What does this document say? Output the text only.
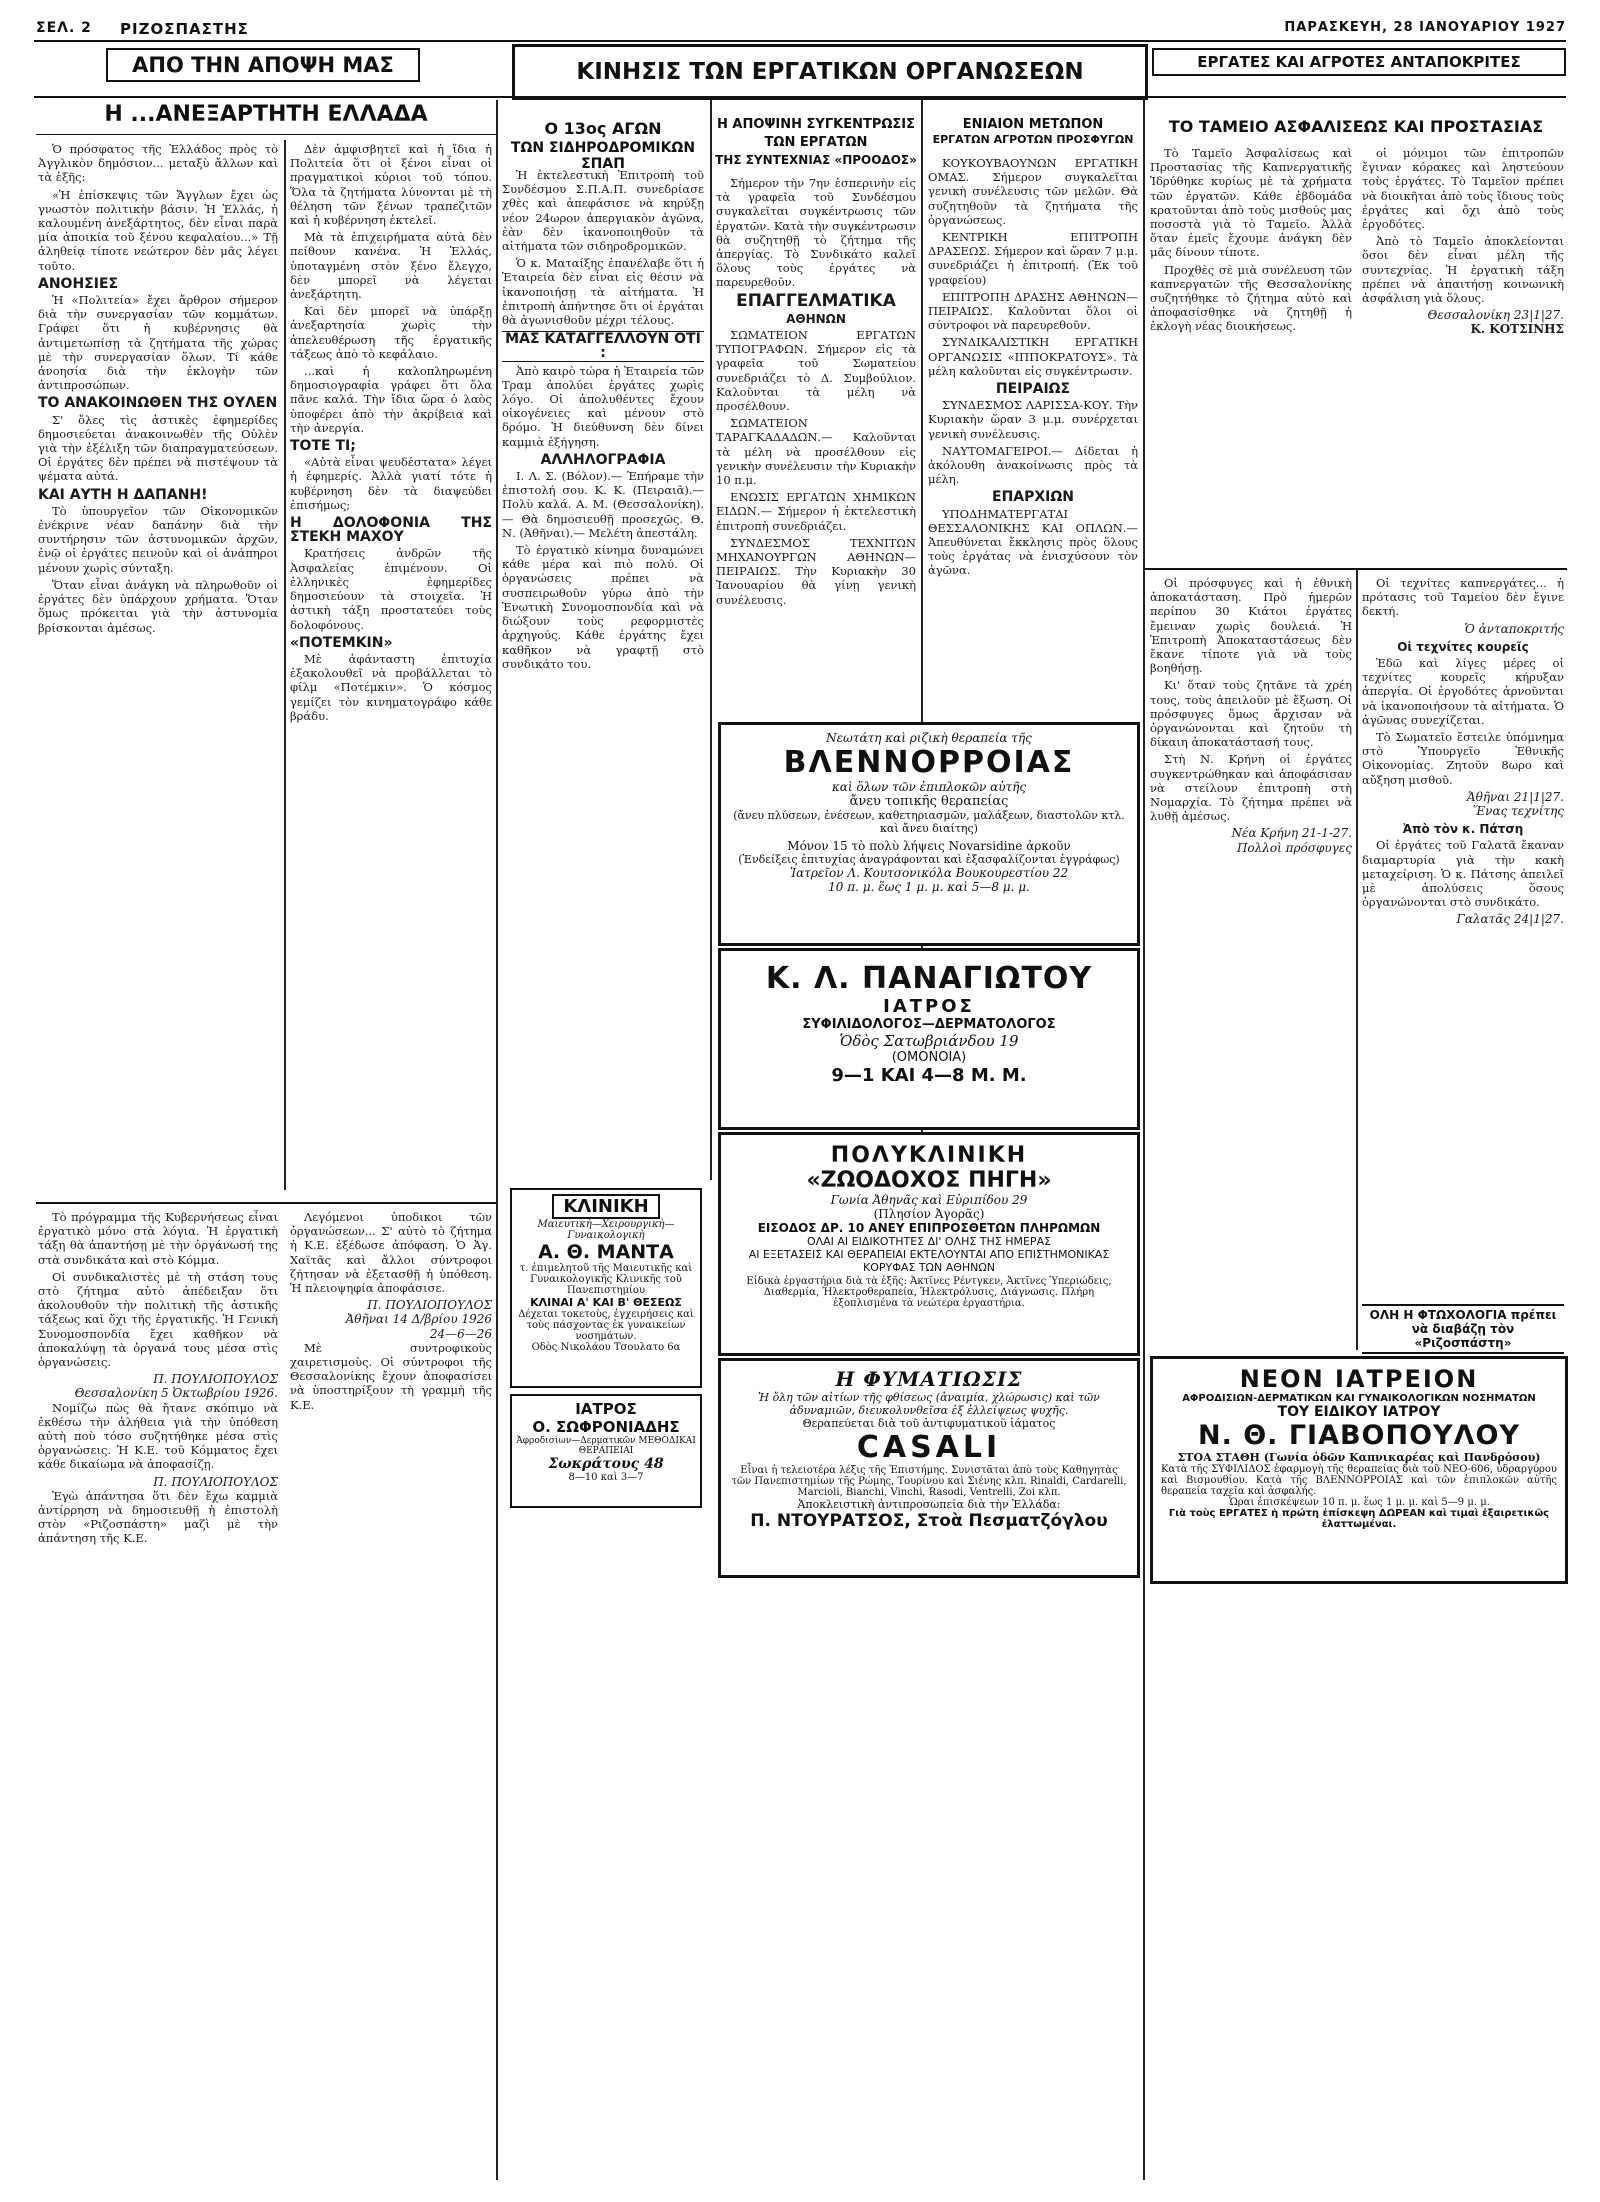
ΣΕΛ. 2 ΡΙΖΟΣΠΑΣΤΗΣ	ΠΑΡΑΣΚΕΥΗ, 28 ΙΑΝΟΥΑΡΙΟΥ 1927
ΑΠΟ ΤΗΝ ΑΠΟΨΗ ΜΑΣ	ΚΙΝΗΣΙΣ ΤΩΝ ΕΡΓΑΤΙΚΩΝ ΟΡΓΑΝΩΣΕΩΝ	ΕΡΓΑΤΕΣ ΚΑΙ ΑΓΡΟΤΕΣ ΑΝΤΑΠΟΚΡΙΤΕΣ
Η ...ΑΝΕΞΑΡΤΗΤΗ ΕΛΛΑΔΑ

Ὁ πρόσφατος τῆς Ἑλλάδος πρὸς τὸ Ἀγγλικὸν δημόσιον... μεταξὺ ἄλλων καὶ τὰ ἑξῆς:

«Ἡ ἐπίσκεψις τῶν Ἄγγλων ἔχει ὡς γνωστὸν πολιτικὴν βάσιν. Ἡ Ἑλλάς, ἡ καλουμένη ἀνεξάρτητος, δὲν εἶναι παρὰ μία ἀποικία τοῦ ξένου κεφαλαίου...» Τῇ ἀληθείᾳ τίποτε νεώτερον δὲν μᾶς λέγει τοῦτο.

ΑΝΟΗΣΙΕΣ

Ἡ «Πολιτεία» ἔχει ἄρθρον σήμερον διὰ τὴν συνεργασίαν τῶν κομμάτων. Γράφει ὅτι ἡ κυβέρνησις θὰ ἀντιμετωπίσῃ τὰ ζητήματα τῆς χώρας μὲ τὴν συνεργασίαν ὅλων. Τί κάθε ἀνοησία διὰ τὴν ἐκλογὴν τῶν ἀντιπροσώπων.

ΤΟ ΑΝΑΚΟΙΝΩΘΕΝ ΤΗΣ ΟΥΛΕΝ

Σ' ὅλες τὶς ἀστικὲς ἐφημερίδες δημοσιεύεται ἀνακοινωθὲν τῆς Οὐλὲν γιὰ τὴν ἐξέλιξη τῶν διαπραγματεύσεων. Οἱ ἐργάτες δὲν πρέπει νὰ πιστέψουν τὰ ψέματα αὐτά.

ΚΑΙ ΑΥΤΗ Η ΔΑΠΑΝΗ!

Τὸ ὑπουργεῖον τῶν Οἰκονομικῶν ἐνέκρινε νέαν δαπάνην διὰ τὴν συντήρησιν τῶν ἀστυνομικῶν ἀρχῶν, ἐνῷ οἱ ἐργάτες πεινοῦν καὶ οἱ ἀνάπηροι μένουν χωρὶς σύνταξη.

Ὅταν εἶναι ἀνάγκη νὰ πληρωθοῦν οἱ ἐργάτες δὲν ὑπάρχουν χρήματα. Ὅταν ὅμως πρόκειται γιὰ τὴν ἀστυνομία βρίσκονται ἀμέσως.

Δὲν ἀμφισβητεῖ καὶ ἡ ἴδια ἡ Πολιτεία ὅτι οἱ ξένοι εἶναι οἱ πραγματικοὶ κύριοι τοῦ τόπου. Ὅλα τὰ ζητήματα λύνονται μὲ τὴ θέληση τῶν ξένων τραπεζιτῶν καὶ ἡ κυβέρνηση ἐκτελεῖ.

Μὰ τὰ ἐπιχειρήματα αὐτὰ δὲν πείθουν κανένα. Ἡ Ἑλλάς, ὑποταγμένη στὸν ξένο ἔλεγχο, δὲν μπορεῖ νὰ λέγεται ἀνεξάρτητη.

Καὶ δὲν μπορεῖ νὰ ὑπάρξῃ ἀνεξαρτησία χωρὶς τὴν ἀπελευθέρωση τῆς ἐργατικῆς τάξεως ἀπὸ τὸ κεφάλαιο.

...καὶ ἡ καλοπληρωμένη δημοσιογραφία γράφει ὅτι ὅλα πᾶνε καλά. Τὴν ἴδια ὥρα ὁ λαὸς ὑποφέρει ἀπὸ τὴν ἀκρίβεια καὶ τὴν ἀνεργία.

ΤΟΤΕ ΤΙ;

«Αὐτὰ εἶναι ψευδέστατα» λέγει ἡ ἐφημερίς. Ἀλλὰ γιατί τότε ἡ κυβέρνηση δὲν τὰ διαψεύδει ἐπισήμως;

Η ΔΟΛΟΦΟΝΙΑ ΤΗΣ ΣΤΕΚΗ ΜΑΧΟΥ

Κρατήσεις ἀνδρῶν τῆς Ἀσφαλείας ἐπιμένουν. Οἱ ἐλληνικὲς ἐφημερίδες δημοσιεύουν τὰ στοιχεῖα. Ἡ ἀστικὴ τάξη προστατεύει τοὺς δολοφόνους.

«ΠΟΤΕΜΚΙΝ»

Μὲ ἀφάνταστη ἐπιτυχία ἐξακολουθεῖ νὰ προβάλλεται τὸ φίλμ «Ποτέμκιν». Ὁ κόσμος γεμίζει τὸν κινηματογράφο κάθε βράδυ.

Τὸ πρόγραμμα τῆς Κυβερνήσεως εἶναι ἐργατικὸ μόνο στὰ λόγια. Ἡ ἐργατικὴ τάξη θὰ ἀπαντήσῃ μὲ τὴν ὀργάνωσή της στὰ συνδικάτα καὶ στὸ Κόμμα.

Οἱ συνδικαλιστὲς μὲ τὴ στάση τους στὸ ζήτημα αὐτὸ ἀπέδειξαν ὅτι ἀκολουθοῦν τὴν πολιτικὴ τῆς ἀστικῆς τάξεως καὶ ὄχι τῆς ἐργατικῆς. Ἡ Γενικὴ Συνομοσπονδία ἔχει καθῆκον νὰ ἀποκαλύψῃ τὰ ὀργανά τους μέσα στὶς ὀργανώσεις.

Π. ΠΟΥΛΙΟΠΟΥΛΟΣ
Θεσσαλονίκη 5 Ὀκτωβρίου 1926.

Νομίζω πὼς θὰ ἤτανε σκόπιμο νὰ ἐκθέσω τὴν ἀλήθεια γιὰ τὴν ὑπόθεση αὐτὴ ποὺ τόσο συζητήθηκε μέσα στὶς ὀργανώσεις. Ἡ Κ.Ε. τοῦ Κόμματος ἔχει κάθε δικαίωμα νὰ ἀποφασίζῃ.

Π. ΠΟΥΛΙΟΠΟΥΛΟΣ

Ἐγὼ ἀπάντησα ὅτι δὲν ἔχω καμμιὰ ἀντίρρηση νὰ δημοσιευθῇ ἡ ἐπιστολὴ στὸν «Ριζοσπάστη» μαζὶ μὲ τὴν ἀπάντηση τῆς Κ.Ε.

Λεγόμενοι ὑποδικοι τῶν ὀργανώσεων... Σ' αὐτὸ τὸ ζήτημα ἡ Κ.Ε. ἐξέδωσε ἀπόφαση. Ὁ Ἀγ. Χαϊτᾶς καὶ ἄλλοι σύντροφοι ζήτησαν νὰ ἐξετασθῇ ἡ ὑπόθεση. Ἡ πλειοψηφία ἀποφάσισε.

Π. ΠΟΥΛΙΟΠΟΥΛΟΣ
Ἀθῆναι 14 Δ/βρίου 1926
24—6—26

Μὲ συντροφικοὺς χαιρετισμοὺς. Οἱ σύντροφοι τῆς Θεσσαλονίκης ἔχουν ἀποφασίσει νὰ ὑποστηρίξουν τὴ γραμμὴ τῆς Κ.Ε.

Ο 13ος ΑΓΩΝ
ΤΩΝ ΣΙΔΗΡΟΔΡΟΜΙΚΩΝ ΣΠΑΠ

Ἡ ἐκτελεστικὴ Ἐπιτροπὴ τοῦ Συνδέσμου Σ.Π.Α.Π. συνεδρίασε χθὲς καὶ ἀπεφάσισε νὰ κηρύξῃ νέον 24ωρον ἀπεργιακὸν ἀγῶνα, ἐὰν δὲν ἱκανοποιηθοῦν τὰ αἰτήματα τῶν σιδηροδρομικῶν.

Ὁ κ. Ματαίξης ἐπανέλαβε ὅτι ἡ Ἑταιρεία δὲν εἶναι εἰς θέσιν νὰ ἱκανοποιήσῃ τὰ αἰτήματα. Ἡ ἐπιτροπὴ ἀπήντησε ὅτι οἱ ἐργάται θὰ ἀγωνισθοῦν μέχρι τέλους.

ΜΑΣ ΚΑΤΑΓΓΕΛΛΟΥΝ ΟΤΙ :

Ἀπὸ καιρὸ τώρα ἡ Ἑταιρεία τῶν Τραμ ἀπολύει ἐργάτες χωρὶς λόγο. Οἱ ἀπολυθέντες ἔχουν οἰκογένειες καὶ μένουν στὸ δρόμο. Ἡ διεύθυνση δὲν δίνει καμμιὰ ἐξήγηση.

ΑΛΛΗΛΟΓΡΑΦΙΑ

Ι. Λ. Σ. (Βόλον).— Ἐπήραμε τὴν ἐπιστολή σου. Κ. Κ. (Πειραιᾶ).— Πολὺ καλά. Α. Μ. (Θεσσαλονίκη).— Θὰ δημοσιευθῇ προσεχῶς. Θ. Ν. (Ἀθῆναι).— Μελέτη ἀπεστάλη.

Τὸ ἐργατικὸ κίνημα δυναμώνει κάθε μέρα καὶ πιὸ πολύ. Οἱ ὀργανώσεις πρέπει νὰ συσπειρωθοῦν γύρω ἀπὸ τὴν Ἑνωτικὴ Συνομοσπονδία καὶ νὰ διώξουν τοὺς ρεφορμιστὲς ἀρχηγούς. Κάθε ἐργάτης ἔχει καθῆκον νὰ γραφτῇ στὸ συνδικάτο του.

Η ΑΠΟΨΙΝΗ ΣΥΓΚΕΝΤΡΩΣΙΣ
ΤΩΝ ΕΡΓΑΤΩΝ
ΤΗΣ ΣΥΝΤΕΧΝΙΑΣ «ΠΡΟΟΔΟΣ»

Σήμερον τὴν 7ην ἑσπερινὴν εἰς τὰ γραφεῖα τοῦ Συνδέσμου συγκαλεῖται συγκέντρωσις τῶν ἐργατῶν. Κατὰ τὴν συγκέντρωσιν θὰ συζητηθῇ τὸ ζήτημα τῆς ἀπεργίας. Τὸ Συνδικάτο καλεῖ ὅλους τοὺς ἐργάτες νὰ παρευρεθοῦν.

ΕΠΑΓΓΕΛΜΑΤΙΚΑ
ΑΘΗΝΩΝ

ΣΩΜΑΤΕΙΟΝ ΕΡΓΑΤΩΝ ΤΥΠΟΓΡΑΦΩΝ. Σήμερον εἰς τὰ γραφεῖα τοῦ Σωματείου συνεδριάζει τὸ Δ. Συμβούλιον. Καλοῦνται τὰ μέλη νὰ προσέλθουν.

ΣΩΜΑΤΕΙΟΝ ΤΑΡΑΓΚΑΔΑΔΩΝ.— Καλοῦνται τὰ μέλη νὰ προσέλθουν εἰς γενικὴν συνέλευσιν τὴν Κυριακὴν 10 π.μ.

ΕΝΩΣΙΣ ΕΡΓΑΤΩΝ ΧΗΜΙΚΩΝ ΕΙΔΩΝ.— Σήμερον ἡ ἐκτελεστικὴ ἐπιτροπὴ συνεδριάζει.

ΣΥΝΔΕΣΜΟΣ ΤΕΧΝΙΤΩΝ ΜΗΧΑΝΟΥΡΓΩΝ ΑΘΗΝΩΝ—ΠΕΙΡΑΙΩΣ. Τὴν Κυριακὴν 30 Ἰανουαρίου θὰ γίνῃ γενικὴ συνέλευσις.

ΕΝΙΑΙΟΝ ΜΕΤΩΠΟΝ
ΕΡΓΑΤΩΝ ΑΓΡΟΤΩΝ ΠΡΟΣΦΥΓΩΝ

ΚΟΥΚΟΥΒΑΟΥΝΩΝ ΕΡΓΑΤΙΚΗ ΟΜΑΣ. Σήμερον συγκαλεῖται γενικὴ συνέλευσις τῶν μελῶν. Θὰ συζητηθοῦν τὰ ζητήματα τῆς ὀργανώσεως.

ΚΕΝΤΡΙΚΗ ΕΠΙΤΡΟΠΗ ΔΡΑΣΕΩΣ. Σήμερον καὶ ὥραν 7 μ.μ. συνεδριάζει ἡ ἐπιτροπή. (Ἐκ τοῦ γραφείου)

ΕΠΙΤΡΟΠΗ ΔΡΑΣΗΣ ΑΘΗΝΩΝ—ΠΕΙΡΑΙΩΣ. Καλοῦνται ὅλοι οἱ σύντροφοι νὰ παρευρεθοῦν.

ΣΥΝΔΙΚΑΛΙΣΤΙΚΗ ΕΡΓΑΤΙΚΗ ΟΡΓΑΝΩΣΙΣ «ΙΠΠΟΚΡΑΤΟΥΣ». Τὰ μέλη καλοῦνται εἰς συγκέντρωσιν.

ΠΕΙΡΑΙΩΣ

ΣΥΝΔΕΣΜΟΣ ΛΑΡΙΣΣΑ-ΚΟΥ. Τὴν Κυριακὴν ὥραν 3 μ.μ. συνέρχεται γενικὴ συνέλευσις.

ΝΑΥΤΟΜΑΓΕΙΡΟΙ.— Δίδεται ἡ ἀκόλουθη ἀνακοίνωσις πρὸς τὰ μέλη.

ΕΠΑΡΧΙΩΝ

ΥΠΟΔΗΜΑΤΕΡΓΑΤΑΙ ΘΕΣΣΑΛΟΝΙΚΗΣ ΚΑΙ ΟΠΛΩΝ.— Ἀπευθύνεται ἔκκλησις πρὸς ὅλους τοὺς ἐργάτας νὰ ἐνισχύσουν τὸν ἀγῶνα.

Νεωτάτη καὶ ριζικὴ θεραπεία τῆς
ΒΛΕΝΝΟΡΡΟΙΑΣ
καὶ ὅλων τῶν ἐπιπλοκῶν αὐτῆς
ἄνευ τοπικῆς θεραπείας
(ἄνευ πλύσεων, ἐνέσεων, καθετηριασμῶν, μαλάξεων, διαστολῶν κτλ. καὶ ἄνευ διαίτης)
Μόνον 15 τὸ πολὺ λήψεις Novarsidine ἀρκοῦν
(Ἐνδείξεις ἐπιτυχίας ἀναγράφονται καὶ ἐξασφαλίζονται ἐγγράφως)
Ἰατρεῖον Λ. Κουτσονικόλα Βουκουρεστίου 22
10 π. μ. ἕως 1 μ. μ. καὶ 5—8 μ. μ.
Κ. Λ. ΠΑΝΑΓΙΩΤΟΥ
ΙΑΤΡΟΣ
ΣΥΦΙΛΙΔΟΛΟΓΟΣ—ΔΕΡΜΑΤΟΛΟΓΟΣ
Ὁδὸς Σατωβριάνδου 19
(ΟΜΟΝΟΙΑ)
9—1 ΚΑΙ 4—8 Μ. Μ.
ΠΟΛΥΚΛΙΝΙΚΗ
«ΖΩΟΔΟΧΟΣ ΠΗΓΗ»
Γωνία Ἀθηνᾶς καὶ Εὐριπίδου 29
(Πλησίον Ἀγορᾶς)
ΕΙΣΟΔΟΣ ΔΡ. 10 ΑΝΕΥ ΕΠΙΠΡΟΣΘΕΤΩΝ ΠΛΗΡΩΜΩΝ
ΟΛΑΙ ΑΙ ΕΙΔΙΚΟΤΗΤΕΣ ΔΙ' ΟΛΗΣ ΤΗΣ ΗΜΕΡΑΣ
ΑΙ ΕΞΕΤΑΣΕΙΣ ΚΑΙ ΘΕΡΑΠΕΙΑΙ ΕΚΤΕΛΟΥΝΤΑΙ ΑΠΟ ΕΠΙΣΤΗΜΟΝΙΚΑΣ ΚΟΡΥΦΑΣ ΤΩΝ ΑΘΗΝΩΝ
Εἰδικὰ ἐργαστήρια διὰ τὰ ἐξῆς: Ἀκτῖνες Ρέντγκεν, Ἀκτῖνες Ὑπεριώδεις, Διαθερμία, Ἠλεκτροθεραπεία, Ἠλεκτρόλυσις, Διάγνωσις. Πλήρη ἐξοπλισμένα τὰ νεώτερα ἐργαστήρια.
Η ΦΥΜΑΤΙΩΣΙΣ
Ἡ ὅλη τῶν αἰτίων τῆς φθίσεως (ἀναιμία, χλώρωσις) καὶ τῶν ἀδυναμιῶν, διευκολυνθεῖσα ἐξ ἐλλείψεως ψυχῆς.
Θεραπεύεται διὰ τοῦ ἀντιφυματικοῦ ἰάματος
CASALI
Εἶναι ἡ τελειοτέρα λέξις τῆς Ἐπιστήμης. Συνιστᾶται ἀπὸ τοὺς Καθηγητὰς τῶν Πανεπιστημίων τῆς Ρώμης, Τουρίνου καὶ Σιένης κλπ. Rinaldi, Cardarelli, Marcioli, Bianchi, Vinchi, Rasodi, Ventrelli, Zoi κλπ.
Ἀποκλειστικὴ ἀντιπροσωπεία διὰ τὴν Ἑλλάδα:
Π. ΝΤΟΥΡΑΤΣΟΣ, Στοὰ Πεσματζόγλου
ΚΛΙΝΙΚΗ
Μαιευτικὴ—Χειρουργικὴ—Γυναικολογικὴ
Α. Θ. ΜΑΝΤΑ
τ. ἐπιμελητοῦ τῆς Μαιευτικῆς καὶ Γυναικολογικῆς Κλινικῆς τοῦ Πανεπιστημίου
ΚΛΙΝΑΙ Α' ΚΑΙ Β' ΘΕΣΕΩΣ
Δέχεται τοκετοὺς, ἐγχειρήσεις καὶ τοὺς πάσχοντας ἐκ γυναικείων νοσημάτων.
Οδὸς Νικολάου Τσουλατο 6α
ΙΑΤΡΟΣ
Ο. ΣΩΦΡΟΝΙΑΔΗΣ
Ἀφροδισίων—Δερματικῶν ΜΕΘΟΔΙΚΑΙ ΘΕΡΑΠΕΙΑΙ
Σωκράτους 48
8—10 καὶ 3—7
ΤΟ ΤΑΜΕΙΟ ΑΣΦΑΛΙΣΕΩΣ ΚΑΙ ΠΡΟΣΤΑΣΙΑΣ

Τὸ Ταμεῖο Ἀσφαλίσεως καὶ Προστασίας τῆς Καπνεργατικῆς Ἰδρύθηκε κυρίως μὲ τὰ χρήματα τῶν ἐργατῶν. Κάθε ἐβδομάδα κρατοῦνται ἀπὸ τοὺς μισθούς μας ποσοστὰ γιὰ τὸ Ταμεῖο. Ἀλλὰ ὅταν ἐμεῖς ἔχουμε ἀνάγκη δὲν μᾶς δίνουν τίποτε.

Προχθὲς σὲ μιὰ συνέλευση τῶν καπνεργατῶν τῆς Θεσσαλονίκης συζητήθηκε τὸ ζήτημα αὐτὸ καὶ ἀποφασίσθηκε νὰ ζητηθῇ ἡ ἐκλογὴ νέας διοικήσεως.

οἱ μόνιμοι τῶν ἐπιτροπῶν ἔγιναν κόρακες καὶ ληστεύουν τοὺς ἐργάτες. Τὸ Ταμεῖον πρέπει νὰ διοικῆται ἀπὸ τοὺς ἴδιους τοὺς ἐργάτες καὶ ὄχι ἀπὸ τοὺς ἐργοδότες.

Ἀπὸ τὸ Ταμεῖο ἀποκλείονται ὅσοι δὲν εἶναι μέλη τῆς συντεχνίας. Ἡ ἐργατικὴ τάξη πρέπει νὰ ἀπαιτήσῃ κοινωνικὴ ἀσφάλιση γιὰ ὅλους.

Θεσσαλονίκη 23|1|27.
Κ. ΚΟΤΣΙΝΗΣ

Οἱ πρόσφυγες καὶ ἡ ἐθνικὴ ἀποκατάσταση. Πρὸ ἡμερῶν περίπου 30 Κιάτοι ἐργάτες ἔμειναν χωρὶς δουλειά. Ἡ Ἐπιτροπὴ Ἀποκαταστάσεως δὲν ἔκανε τίποτε γιὰ νὰ τοὺς βοηθήσῃ.

Κι' ὅταν τοὺς ζητᾶνε τὰ χρέη τους, τοὺς ἀπειλοῦν μὲ ἔξωση. Οἱ πρόσφυγες ὅμως ἄρχισαν νὰ ὀργανώνονται καὶ ζητοῦν τὴ δίκαιη ἀποκατάστασή τους.

Στὴ Ν. Κρήνη οἱ ἐργάτες συγκεντρώθηκαν καὶ ἀποφάσισαν νὰ στείλουν ἐπιτροπὴ στὴ Νομαρχία. Τὸ ζήτημα πρέπει νὰ λυθῇ ἀμέσως.

Νέα Κρήνη 21-1-27.
Πολλοὶ πρόσφυγες

Οἱ τεχνίτες καπνεργάτες... ἡ πρότασις τοῦ Ταμείου δὲν ἔγινε δεκτή.

Ὁ ἀνταποκριτής
Οἱ τεχνίτες κουρεῖς

Ἐδῶ καὶ λίγες μέρες οἱ τεχνίτες κουρεῖς κήρυξαν ἀπεργία. Οἱ ἐργοδότες ἀρνοῦνται νὰ ἱκανοποιήσουν τὰ αἰτήματα. Ὁ ἀγῶνας συνεχίζεται.

Τὸ Σωματεῖο ἔστειλε ὑπόμνημα στὸ Ὑπουργεῖο Ἐθνικῆς Οἰκονομίας. Ζητοῦν 8ωρο καὶ αὔξηση μισθοῦ.

Ἀθῆναι 21|1|27.
Ἕνας τεχνίτης
Ἀπὸ τὸν κ. Πάτση

Οἱ ἐργάτες τοῦ Γαλατᾶ ἔκαναν διαμαρτυρία γιὰ τὴν κακὴ μεταχείριση. Ὁ κ. Πάτσης ἀπειλεῖ μὲ ἀπολύσεις ὅσους ὀργανώνονται στὸ συνδικάτο.

Γαλατᾶς 24|1|27.
ΟΛΗ Η ΦΤΩΧΟΛΟΓΙΑ πρέπει νὰ διαβάζῃ τὸν «Ριζοσπάστη»
ΝΕΟΝ ΙΑΤΡΕΙΟΝ
ΑΦΡΟΔΙΣΙΩΝ-ΔΕΡΜΑΤΙΚΩΝ ΚΑΙ ΓΥΝΑΙΚΟΛΟΓΙΚΩΝ ΝΟΣΗΜΑΤΩΝ
ΤΟΥ ΕΙΔΙΚΟΥ ΙΑΤΡΟΥ
Ν. Θ. ΓΙΑΒΟΠΟΥΛΟΥ
ΣΤΟΑ ΣΤΑΘΗ (Γωνία ὁδῶν Καπνικαρέας καὶ Πανδρόσου)
Κατὰ τῆς ΣΥΦΙΛΙΔΟΣ ἐφαρμογὴ τῆς θεραπείας διὰ τοῦ ΝΕΟ-606, ὑδραργύρου καὶ Βισμουθίου. Κατὰ τῆς ΒΛΕΝΝΟΡΡΟΙΑΣ καὶ τῶν ἐπιπλοκῶν αὐτῆς θεραπεία ταχεῖα καὶ ἀσφαλής.
Ὧραι ἐπισκέψεων 10 π. μ. ἕως 1 μ. μ. καὶ 5—9 μ. μ.
Γιὰ τοὺς ΕΡΓΑΤΕΣ ἡ πρώτη ἐπίσκεψη ΔΩΡΕΑΝ καὶ τιμαὶ ἐξαιρετικῶς ἐλαττωμέναι.
